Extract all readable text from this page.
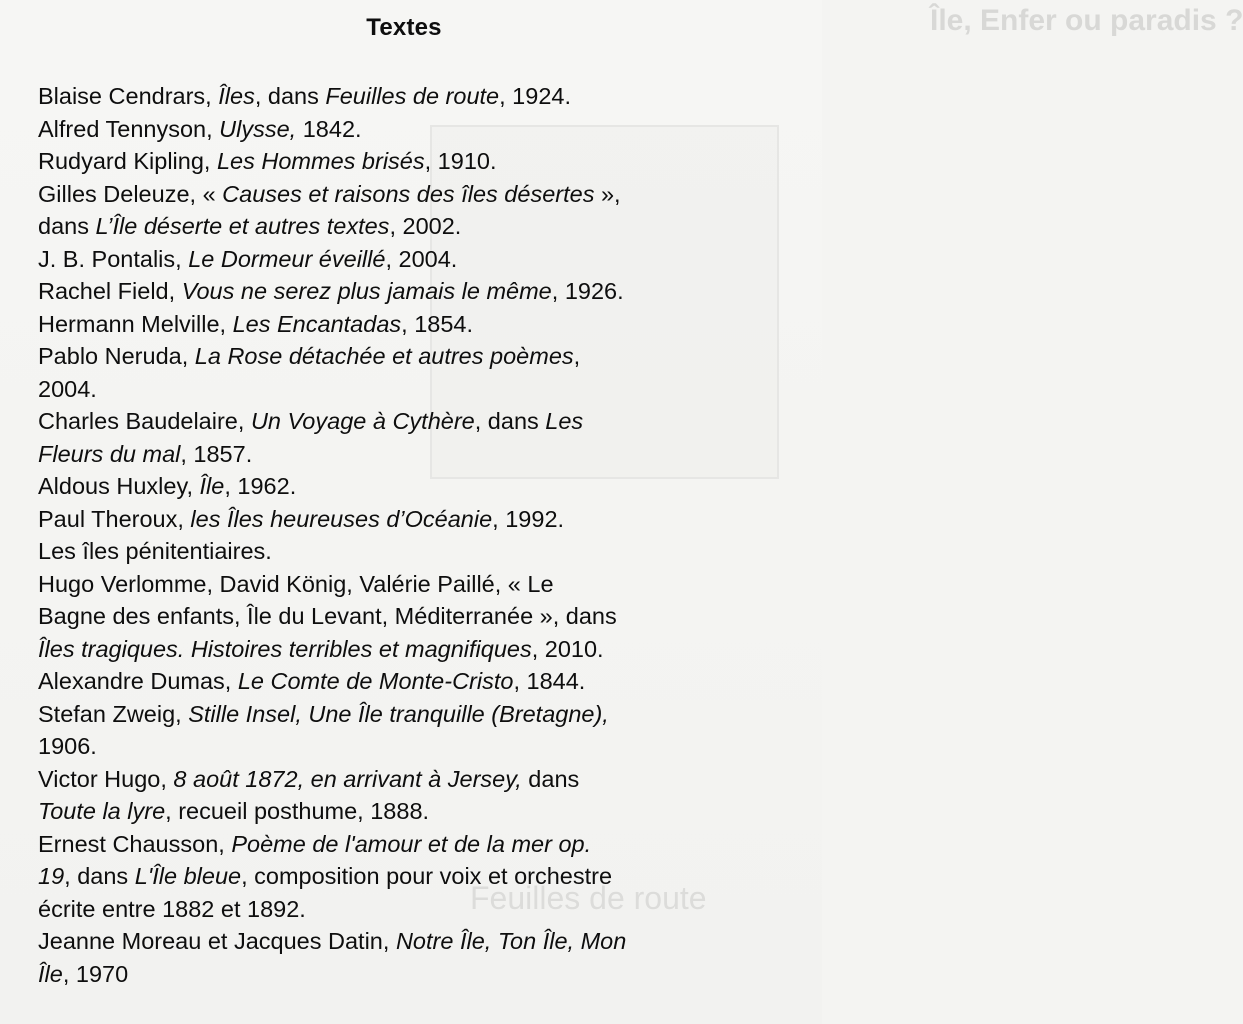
Île, Enfer ou paradis ?
Feuilles de route
Textes
Blaise Cendrars, Îles, dans Feuilles de route, 1924.
Alfred Tennyson, Ulysse, 1842.
Rudyard Kipling, Les Hommes brisés, 1910.
Gilles Deleuze, « Causes et raisons des îles désertes »,
dans L’Île déserte et autres textes, 2002.
J. B. Pontalis, Le Dormeur éveillé, 2004.
Rachel Field, Vous ne serez plus jamais le même, 1926.
Hermann Melville, Les Encantadas, 1854.
Pablo Neruda, La Rose détachée et autres poèmes,
2004.
Charles Baudelaire, Un Voyage à Cythère, dans Les
Fleurs du mal, 1857.
Aldous Huxley, Île, 1962.
Paul Theroux, les Îles heureuses d’Océanie, 1992.
Les îles pénitentiaires.
Hugo Verlomme, David König, Valérie Paillé, « Le
Bagne des enfants, Île du Levant, Méditerranée », dans
Îles tragiques. Histoires terribles et magnifiques, 2010.
Alexandre Dumas, Le Comte de Monte-Cristo, 1844.
Stefan Zweig, Stille Insel, Une Île tranquille (Bretagne),
1906.
Victor Hugo, 8 août 1872, en arrivant à Jersey, dans
Toute la lyre, recueil posthume, 1888.
Ernest Chausson, Poème de l'amour et de la mer op.
19, dans L'Île bleue, composition pour voix et orchestre
écrite entre 1882 et 1892.
Jeanne Moreau et Jacques Datin, Notre Île, Ton Île, Mon
Île, 1970
